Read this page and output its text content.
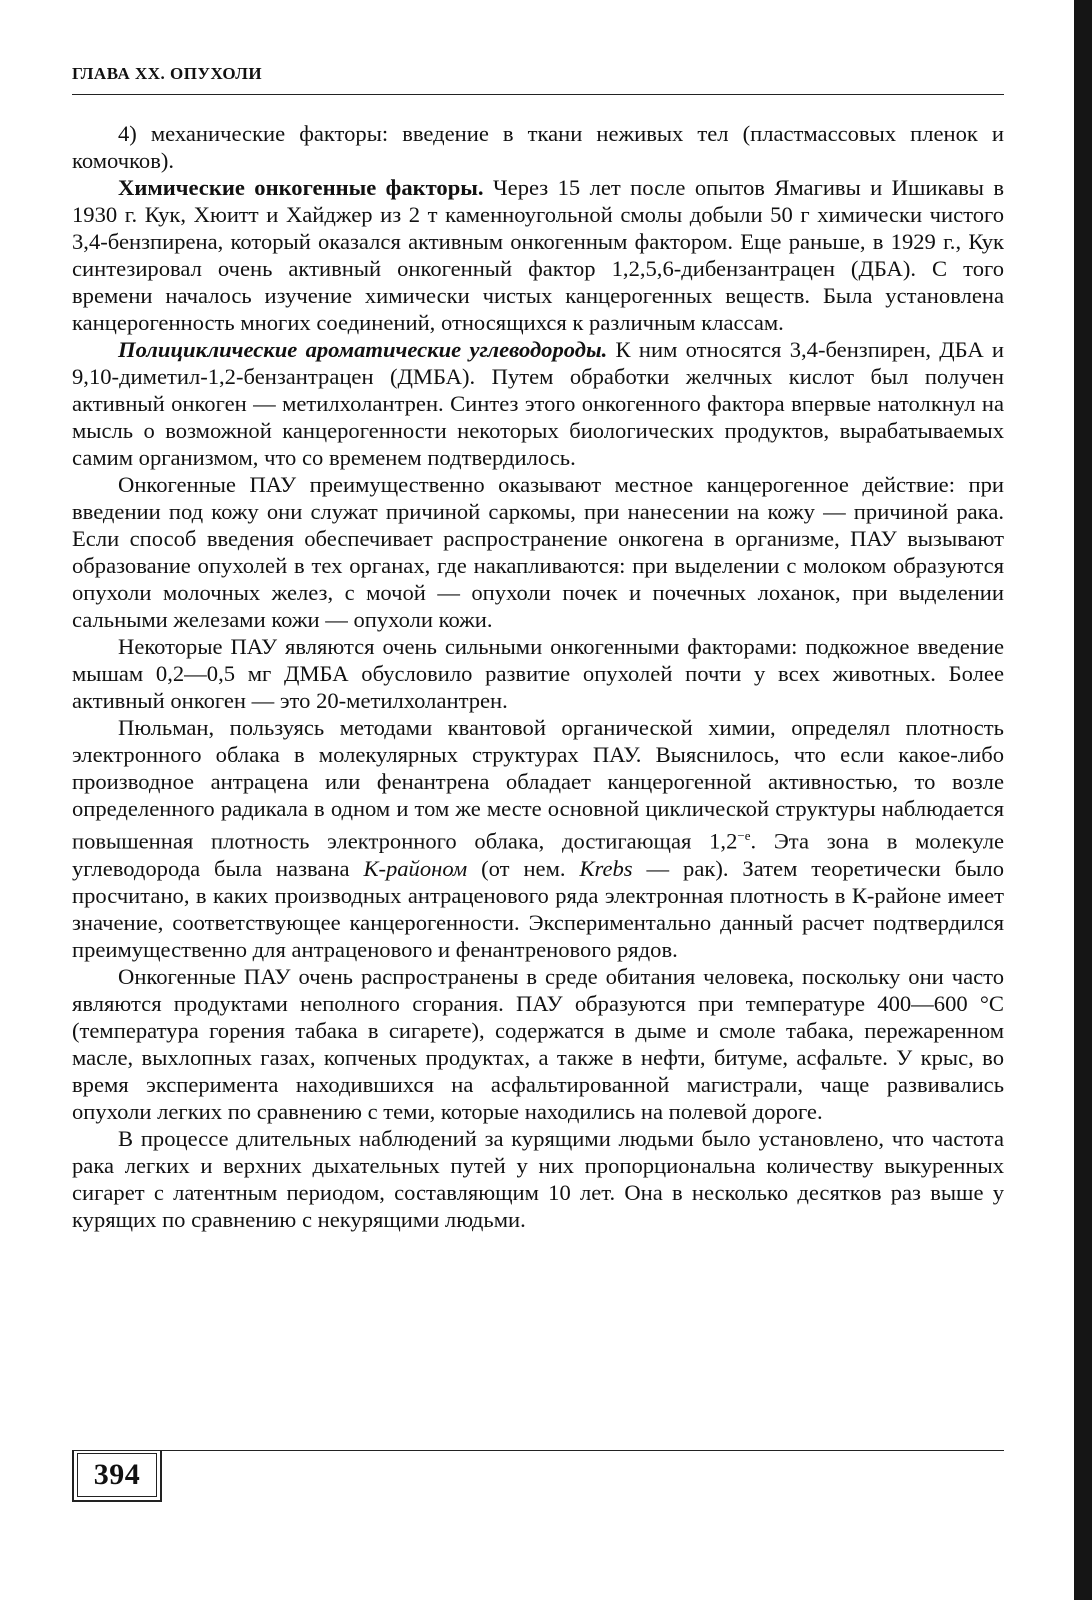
ГЛАВА XX. ОПУХОЛИ

4) механические факторы: введение в ткани неживых тел (пластмассовых пленок и комочков).

Химические онкогенные факторы. Через 15 лет после опытов Ямагивы и Ишикавы в 1930 г. Кук, Хюитт и Хайджер из 2 т каменноугольной смолы добыли 50 г химически чистого 3,4-бензпирена, который оказался активным онкогенным фактором. Еще раньше, в 1929 г., Кук синтезировал очень активный онкогенный фактор 1,2,5,6-дибензантрацен (ДБА). С того времени началось изучение химически чистых канцерогенных веществ. Была установлена канцерогенность многих соединений, относящихся к различным классам.

Полициклические ароматические углеводороды. К ним относятся 3,4-бензпирен, ДБА и 9,10-диметил-1,2-бензантрацен (ДМБА). Путем обработки желчных кислот был получен активный онкоген — метилхолантрен. Синтез этого онкогенного фактора впервые натолкнул на мысль о возможной канцерогенности некоторых биологических продуктов, вырабатываемых самим организмом, что со временем подтвердилось.

Онкогенные ПАУ преимущественно оказывают местное канцерогенное действие: при введении под кожу они служат причиной саркомы, при нанесении на кожу — причиной рака. Если способ введения обеспечивает распространение онкогена в организме, ПАУ вызывают образование опухолей в тех органах, где накапливаются: при выделении с молоком образуются опухоли молочных желез, с мочой — опухоли почек и почечных лоханок, при выделении сальными железами кожи — опухоли кожи.

Некоторые ПАУ являются очень сильными онкогенными факторами: подкожное введение мышам 0,2—0,5 мг ДМБА обусловило развитие опухолей почти у всех животных. Более активный онкоген — это 20-метилхолантрен.

Пюльман, пользуясь методами квантовой органической химии, определял плотность электронного облака в молекулярных структурах ПАУ. Выяснилось, что если какое-либо производное антрацена или фенантрена обладает канцерогенной активностью, то возле определенного радикала в одном и том же месте основной циклической структуры наблюдается повышенная плотность электронного облака, достигающая $1,2^{-е}$. Эта зона в молекуле углеводорода была названа К-районом (от нем. Krebs — рак). Затем теоретически было просчитано, в каких производных антраценового ряда электронная плотность в К-районе имеет значение, соответствующее канцерогенности. Экспериментально данный расчет подтвердился преимущественно для антраценового и фенантренового рядов.

Онкогенные ПАУ очень распространены в среде обитания человека, поскольку они часто являются продуктами неполного сгорания. ПАУ образуются при температуре 400—600 °С (температура горения табака в сигарете), содержатся в дыме и смоле табака, пережаренном масле, выхлопных газах, копченых продуктах, а также в нефти, битуме, асфальте. У крыс, во время эксперимента находившихся на асфальтированной магистрали, чаще развивались опухоли легких по сравнению с теми, которые находились на полевой дороге.

В процессе длительных наблюдений за курящими людьми было установлено, что частота рака легких и верхних дыхательных путей у них пропорциональна количеству выкуренных сигарет с латентным периодом, составляющим 10 лет. Она в несколько десятков раз выше у курящих по сравнению с некурящими людьми.

394
